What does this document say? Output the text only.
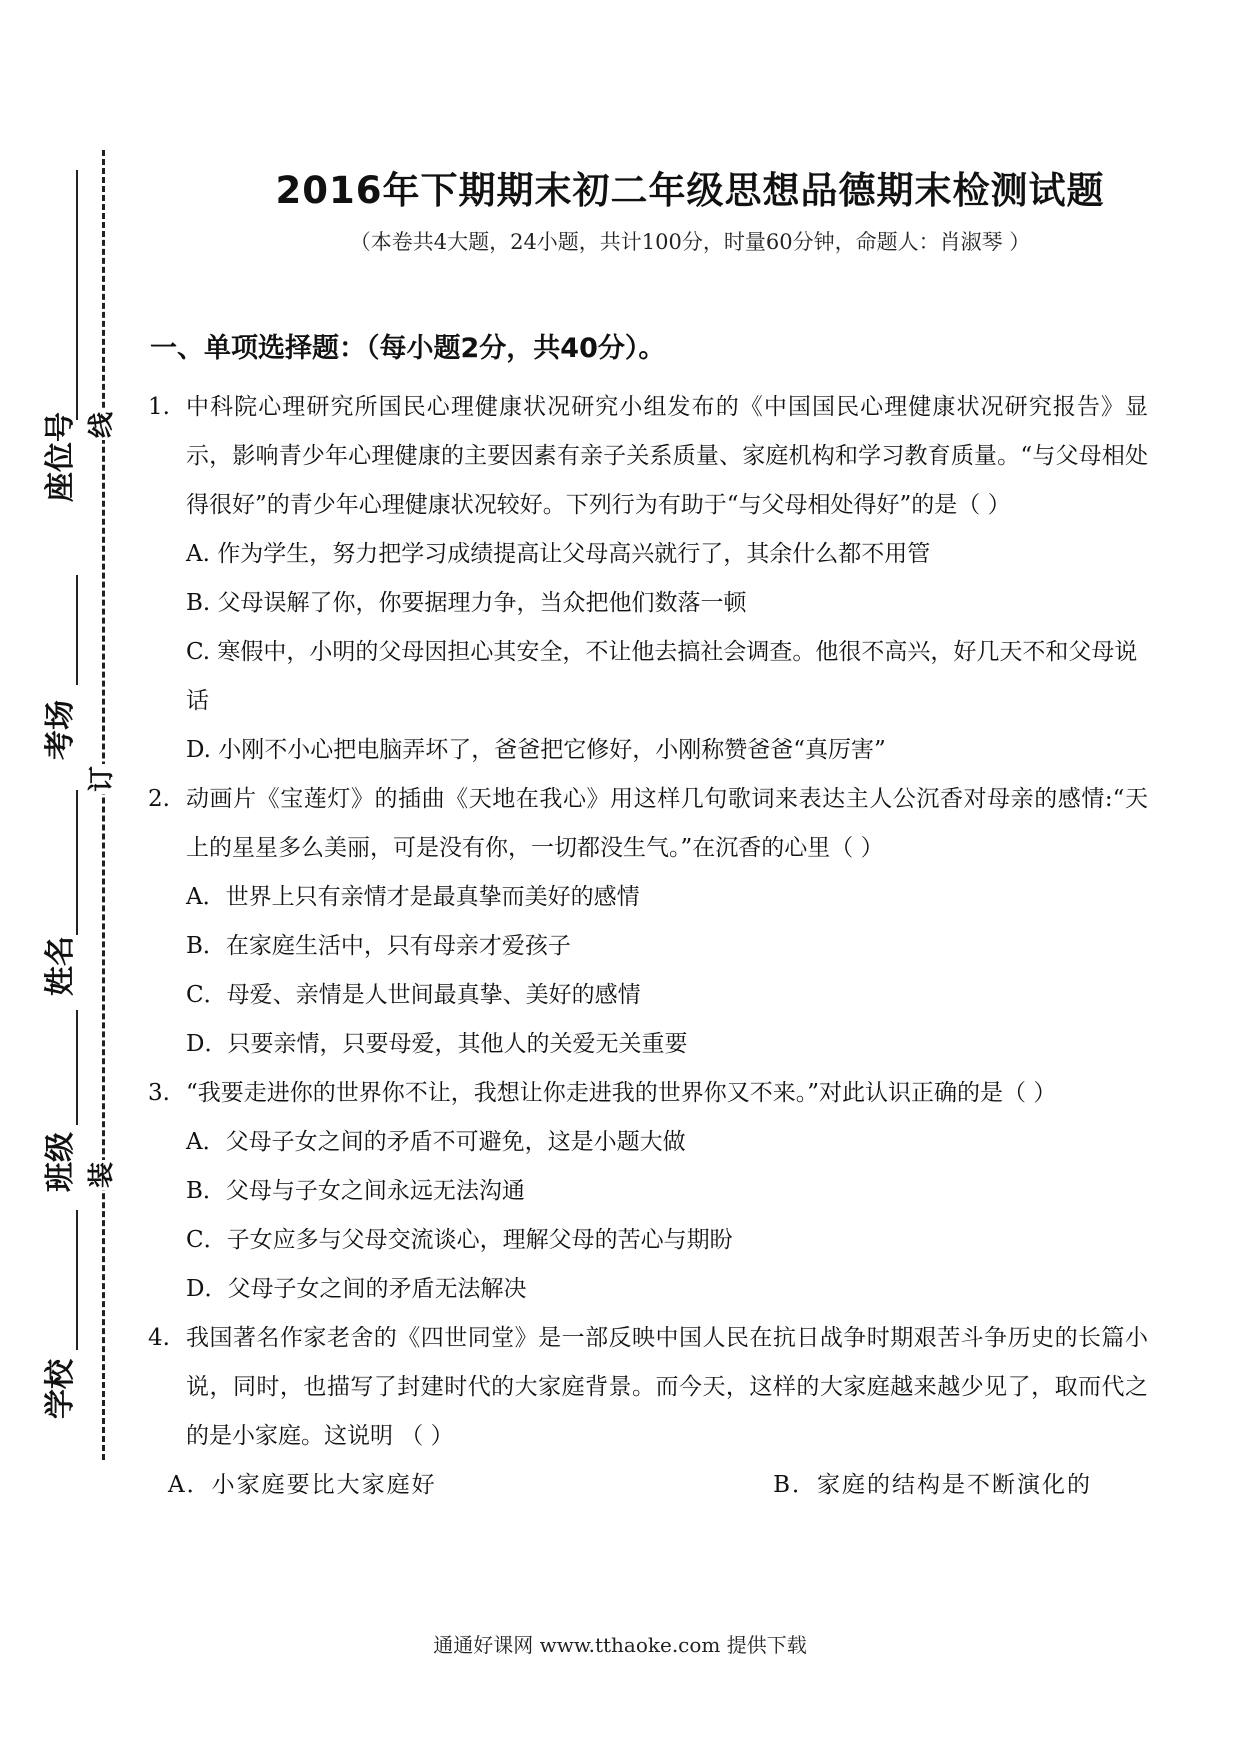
座位号
考场
姓名
班级
学校
线
订
装
2016年下期期末初二年级思想品德期末检测试题
（本卷共4大题，24小题，共计100分，时量60分钟，命题人：肖淑琴 ）
一、单项选择题：（每小题2分，共40分）。
1. 中科院心理研究所国民心理健康状况研究小组发布的《中国国民心理健康状况研究报告》显示，影响青少年心理健康的主要因素有亲子关系质量、家庭机构和学习教育质量。“与父母相处得很好”的青少年心理健康状况较好。下列行为有助于“与父母相处得好”的是（ ）
A. 作为学生，努力把学习成绩提高让父母高兴就行了，其余什么都不用管
B. 父母误解了你，你要据理力争，当众把他们数落一顿
C. 寒假中，小明的父母因担心其安全，不让他去搞社会调查。他很不高兴，好几天不和父母说话
D. 小刚不小心把电脑弄坏了，爸爸把它修好，小刚称赞爸爸“真厉害”
2. 动画片《宝莲灯》的插曲《天地在我心》用这样几句歌词来表达主人公沉香对母亲的感情:“天上的星星多么美丽，可是没有你，一切都没生气。”在沉香的心里（ ）
A．世界上只有亲情才是最真挚而美好的感情
B．在家庭生活中，只有母亲才爱孩子
C．母爱、亲情是人世间最真挚、美好的感情
D．只要亲情，只要母爱，其他人的关爱无关重要
3. “我要走进你的世界你不让，我想让你走进我的世界你又不来。”对此认识正确的是（ ）
A．父母子女之间的矛盾不可避免，这是小题大做
B．父母与子女之间永远无法沟通
C．子女应多与父母交流谈心，理解父母的苦心与期盼
D．父母子女之间的矛盾无法解决
4. 我国著名作家老舍的《四世同堂》是一部反映中国人民在抗日战争时期艰苦斗争历史的长篇小说，同时，也描写了封建时代的大家庭背景。而今天，这样的大家庭越来越少见了，取而代之的是小家庭。这说明 （ ）
A．小家庭要比大家庭好	B．家庭的结构是不断演化的
通通好课网 www.tthaoke.com 提供下载
